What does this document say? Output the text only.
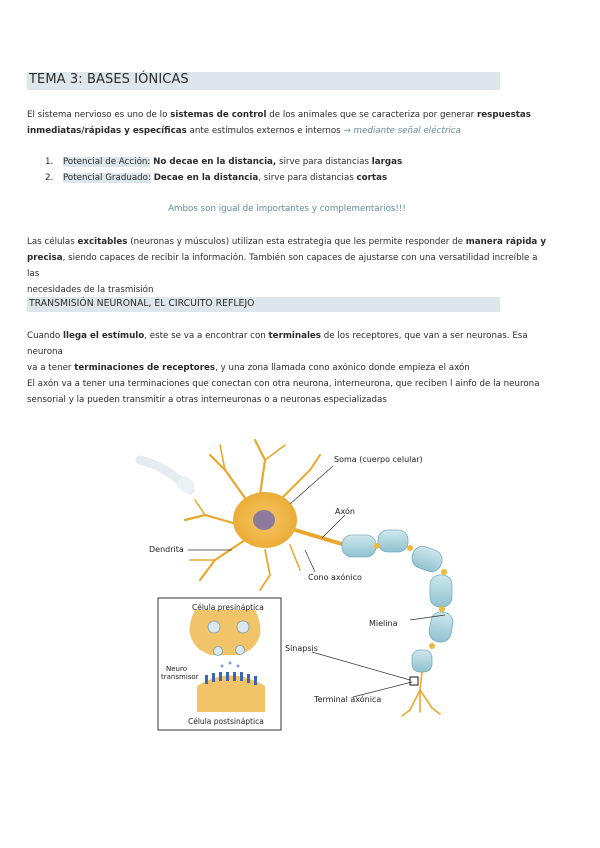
TEMA 3: BASES IÓNICAS
El sistema nervioso es uno de lo sistemas de control de los animales que se caracteriza por generar respuestas
inmediatas/rápidas y específicas ante estímulos externos e internos → mediante señal eléctrica
1. Potencial de Acción: No decae en la distancia, sirve para distancias largas
2. Potencial Graduado: Decae en la distancia, sirve para distancias cortas
Ambos son igual de importantes y complementarios!!!
Las células excitables (neuronas y músculos) utilizan esta estrategia que les permite responder de manera rápida y
precisa, siendo capaces de recibir la información. También son capaces de ajustarse con una versatilidad increíble a las
necesidades de la trasmisión
TRANSMISIÓN NEURONAL, EL CIRCUITO REFLEJO
Cuando llega el estímulo, este se va a encontrar con terminales de los receptores, que van a ser neuronas. Esa neurona
va a tener terminaciones de receptores, y una zona llamada cono axónico donde empieza el axón
El axón va a tener una terminaciones que conectan con otra neurona, interneurona, que reciben l ainfo de la neurona
sensorial y la pueden transmitir a otras interneuronas o a neuronas especializadas
Soma (cuerpo celular)
Axón
Dendrita
Cono axónico
Mielina
Sinapsis
Terminal axónica
Célula presináptica
Neuro
transmisor
Célula postsináptica
